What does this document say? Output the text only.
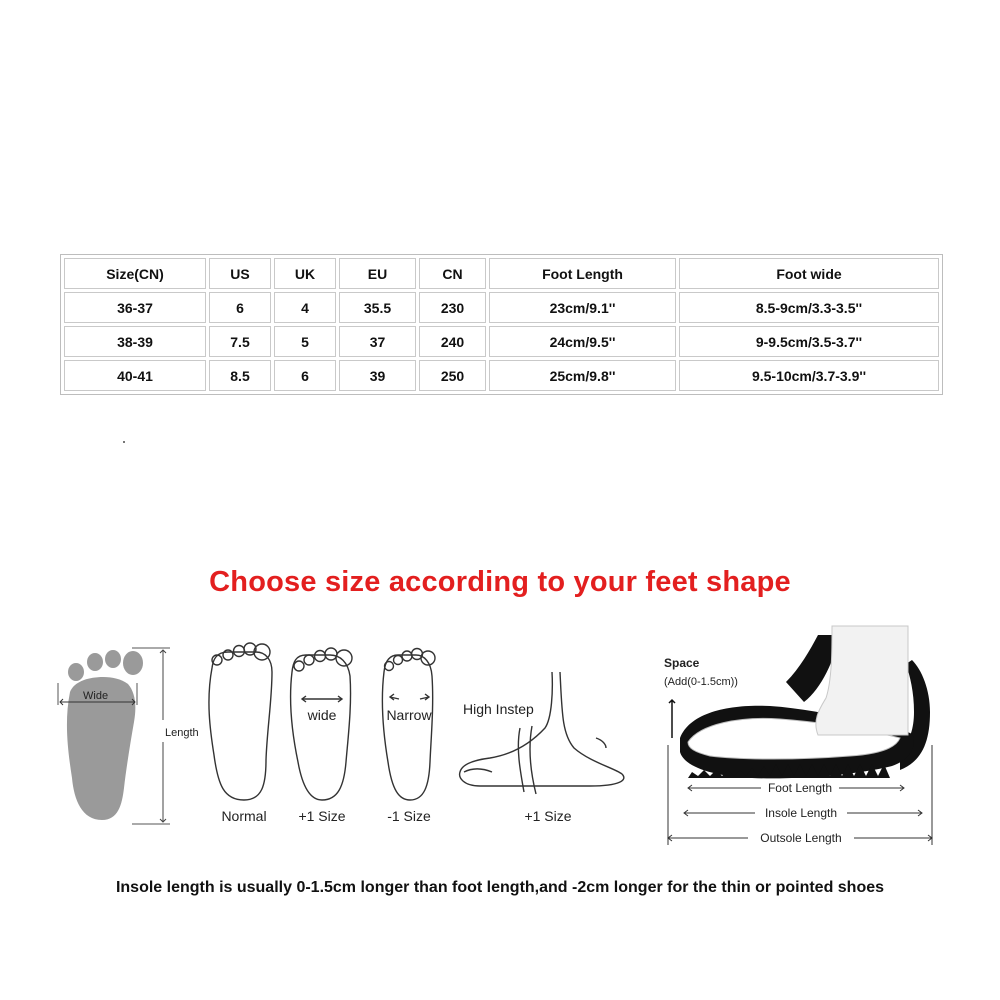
Size(CN)	US	UK	EU	CN	Foot Length	Foot wide
36-37	6	4	35.5	230	23cm/9.1''	8.5-9cm/3.3-3.5''
38-39	7.5	5	37	240	24cm/9.5''	9-9.5cm/3.5-3.7''
40-41	8.5	6	39	250	25cm/9.8''	9.5-10cm/3.7-3.9''
Choose size according to your feet shape
Wide
Length
Normal
wide
+1 Size
Narrow
-1 Size
High Instep
+1 Size
Space
(Add(0-1.5cm))
Foot Length
Insole Length
Outsole Length
Insole length is usually 0-1.5cm longer than foot length,and -2cm longer for the thin or pointed shoes
